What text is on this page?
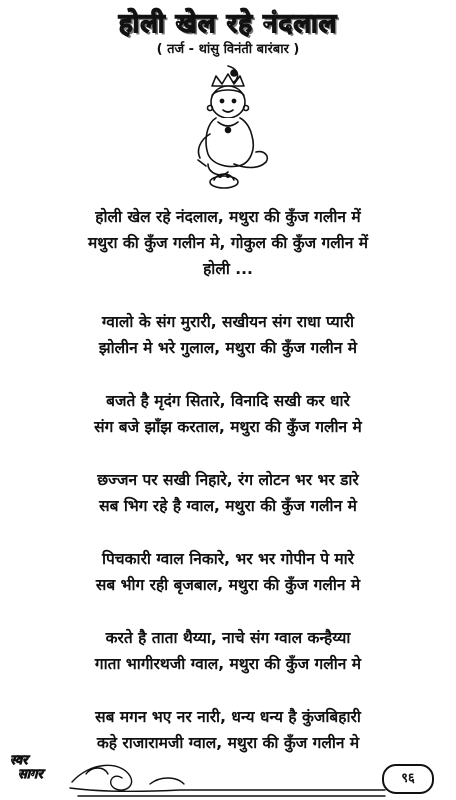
होली खेल रहे नंदलाल
( तर्ज - थांसु विनंती बारंबार )
होली खेल रहे नंदलाल, मथुरा की कुँज गलीन में
मथुरा की कुँज गलीन मे, गोकुल की कुँज गलीन में
होली ...
ग्वालो के संग मुरारी, सखीयन संग राधा प्यारी
झोलीन मे भरे गुलाल, मथुरा की कुँज गलीन मे
बजते है मृदंग सितारे, विनादि सखी कर धारे
संग बजे झाँझ करताल, मथुरा की कुँज गलीन मे
छज्जन पर सखी निहारे, रंग लोटन भर भर डारे
सब भिग रहे है ग्वाल, मथुरा की कुँज गलीन मे
पिचकारी ग्वाल निकारे, भर भर गोपीन पे मारे
सब भीग रही बृजबाल, मथुरा की कुँज गलीन मे
करते है ताता थैय्या, नाचे संग ग्वाल कन्हैय्या
गाता भागीरथजी ग्वाल, मथुरा की कुँज गलीन मे
सब मगन भए नर नारी, धन्य धन्य है कुंजबिहारी
कहे राजारामजी ग्वाल, मथुरा की कुँज गलीन मे
स्वर
सागर	९६
